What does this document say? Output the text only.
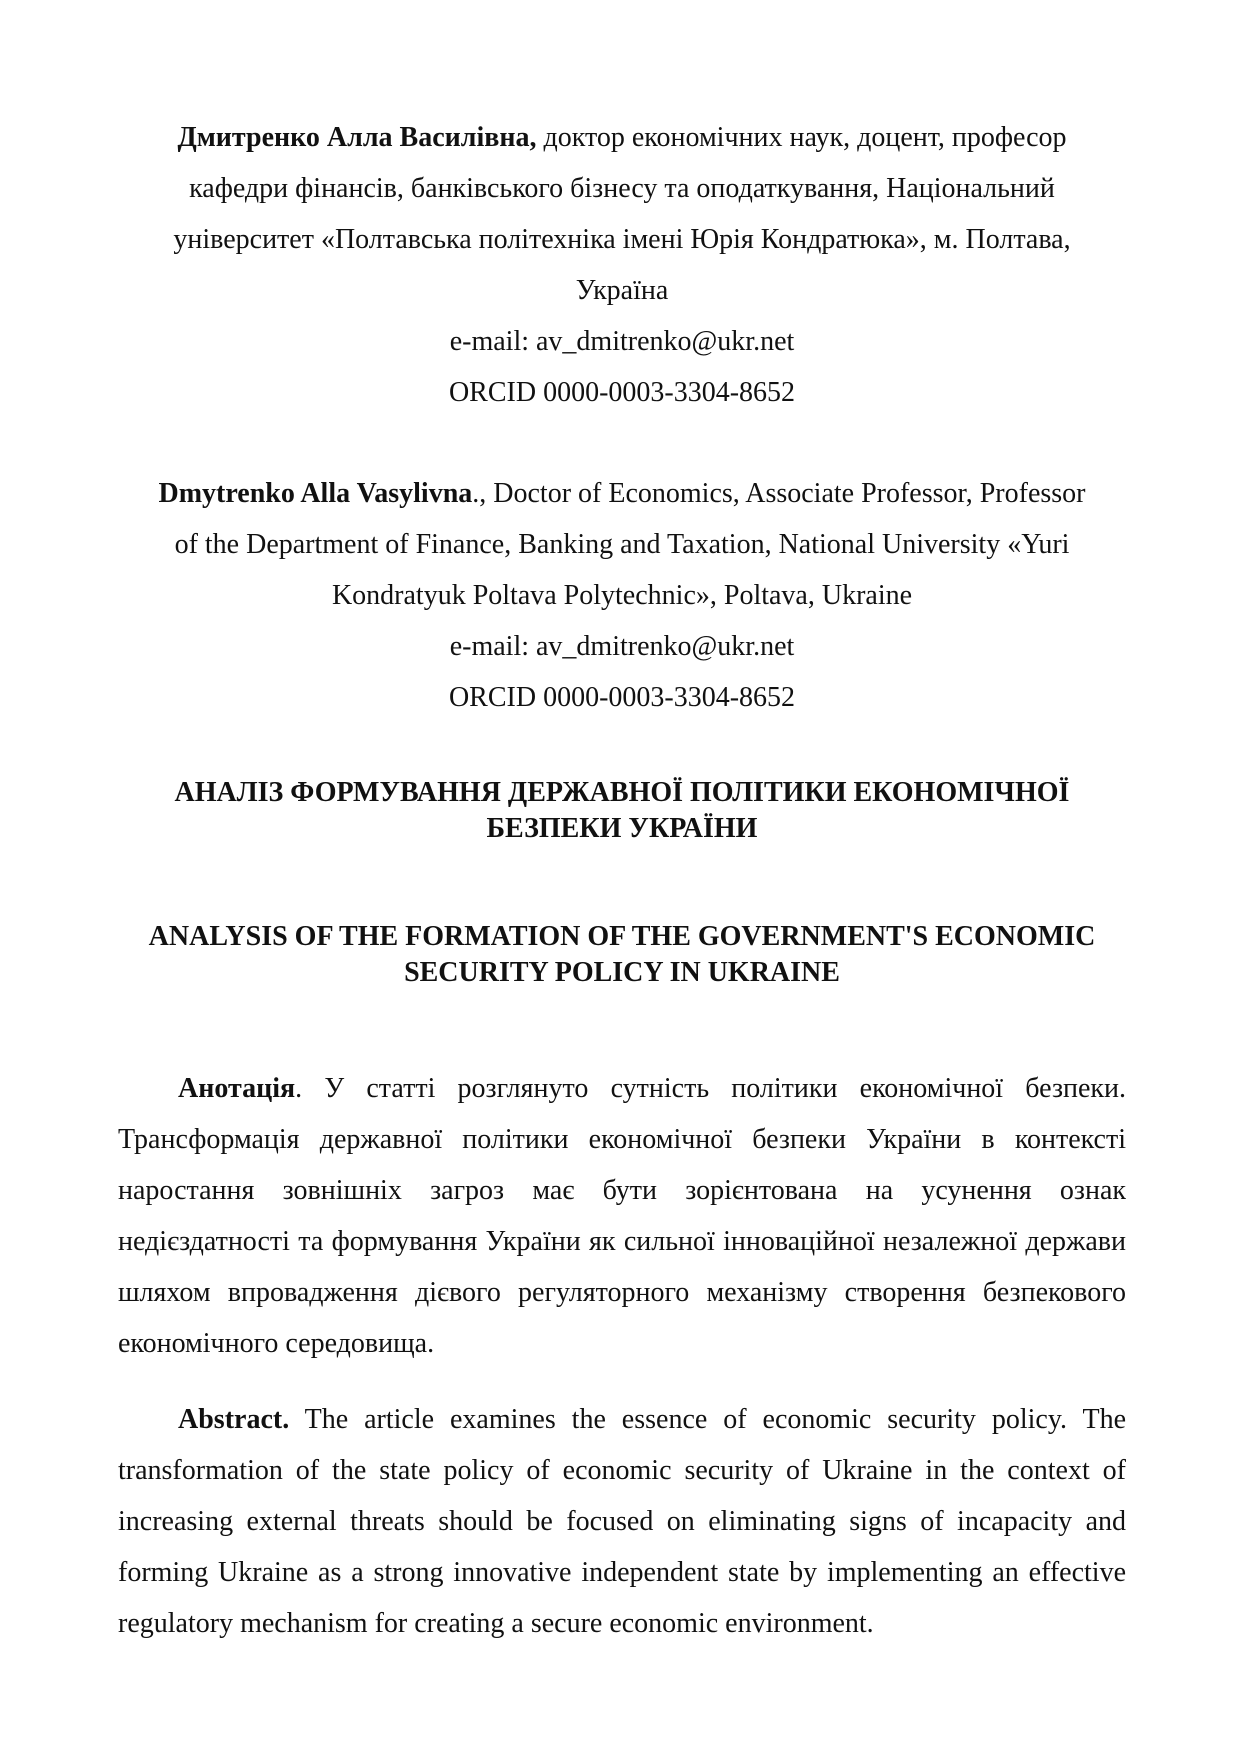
Дмитренко Алла Василівна, доктор економічних наук, доцент, професор
кафедри фінансів, банківського бізнесу та оподаткування, Національний
університет «Полтавська політехніка імені Юрія Кондратюка», м. Полтава,
Україна
e-mail: av_dmitrenko@ukr.net
ORCID 0000-0003-3304-8652
Dmytrenko Alla Vasylivna., Doctor of Economics, Associate Professor, Professor
of the Department of Finance, Banking and Taxation, National University «Yuri
Kondratyuk Poltava Polytechnic», Poltava, Ukraine
e-mail: av_dmitrenko@ukr.net
ORCID 0000-0003-3304-8652
АНАЛІЗ ФОРМУВАННЯ ДЕРЖАВНОЇ ПОЛІТИКИ ЕКОНОМІЧНОЇ
БЕЗПЕКИ УКРАЇНИ
ANALYSIS OF THE FORMATION OF THE GOVERNMENT'S ECONOMIC
SECURITY POLICY IN UKRAINE

Анотація. У статті розглянуто сутність політики економічної безпеки. Трансформація державної політики економічної безпеки України в контексті наростання зовнішніх загроз має бути зорієнтована на усунення ознак недієздатності та формування України як сильної інноваційної незалежної держави шляхом впровадження дієвого регуляторного механізму створення безпекового економічного середовища.

Abstract. The article examines the essence of economic security policy. The transformation of the state policy of economic security of Ukraine in the context of increasing external threats should be focused on eliminating signs of incapacity and forming Ukraine as a strong innovative independent state by implementing an effective regulatory mechanism for creating a secure economic environment.
